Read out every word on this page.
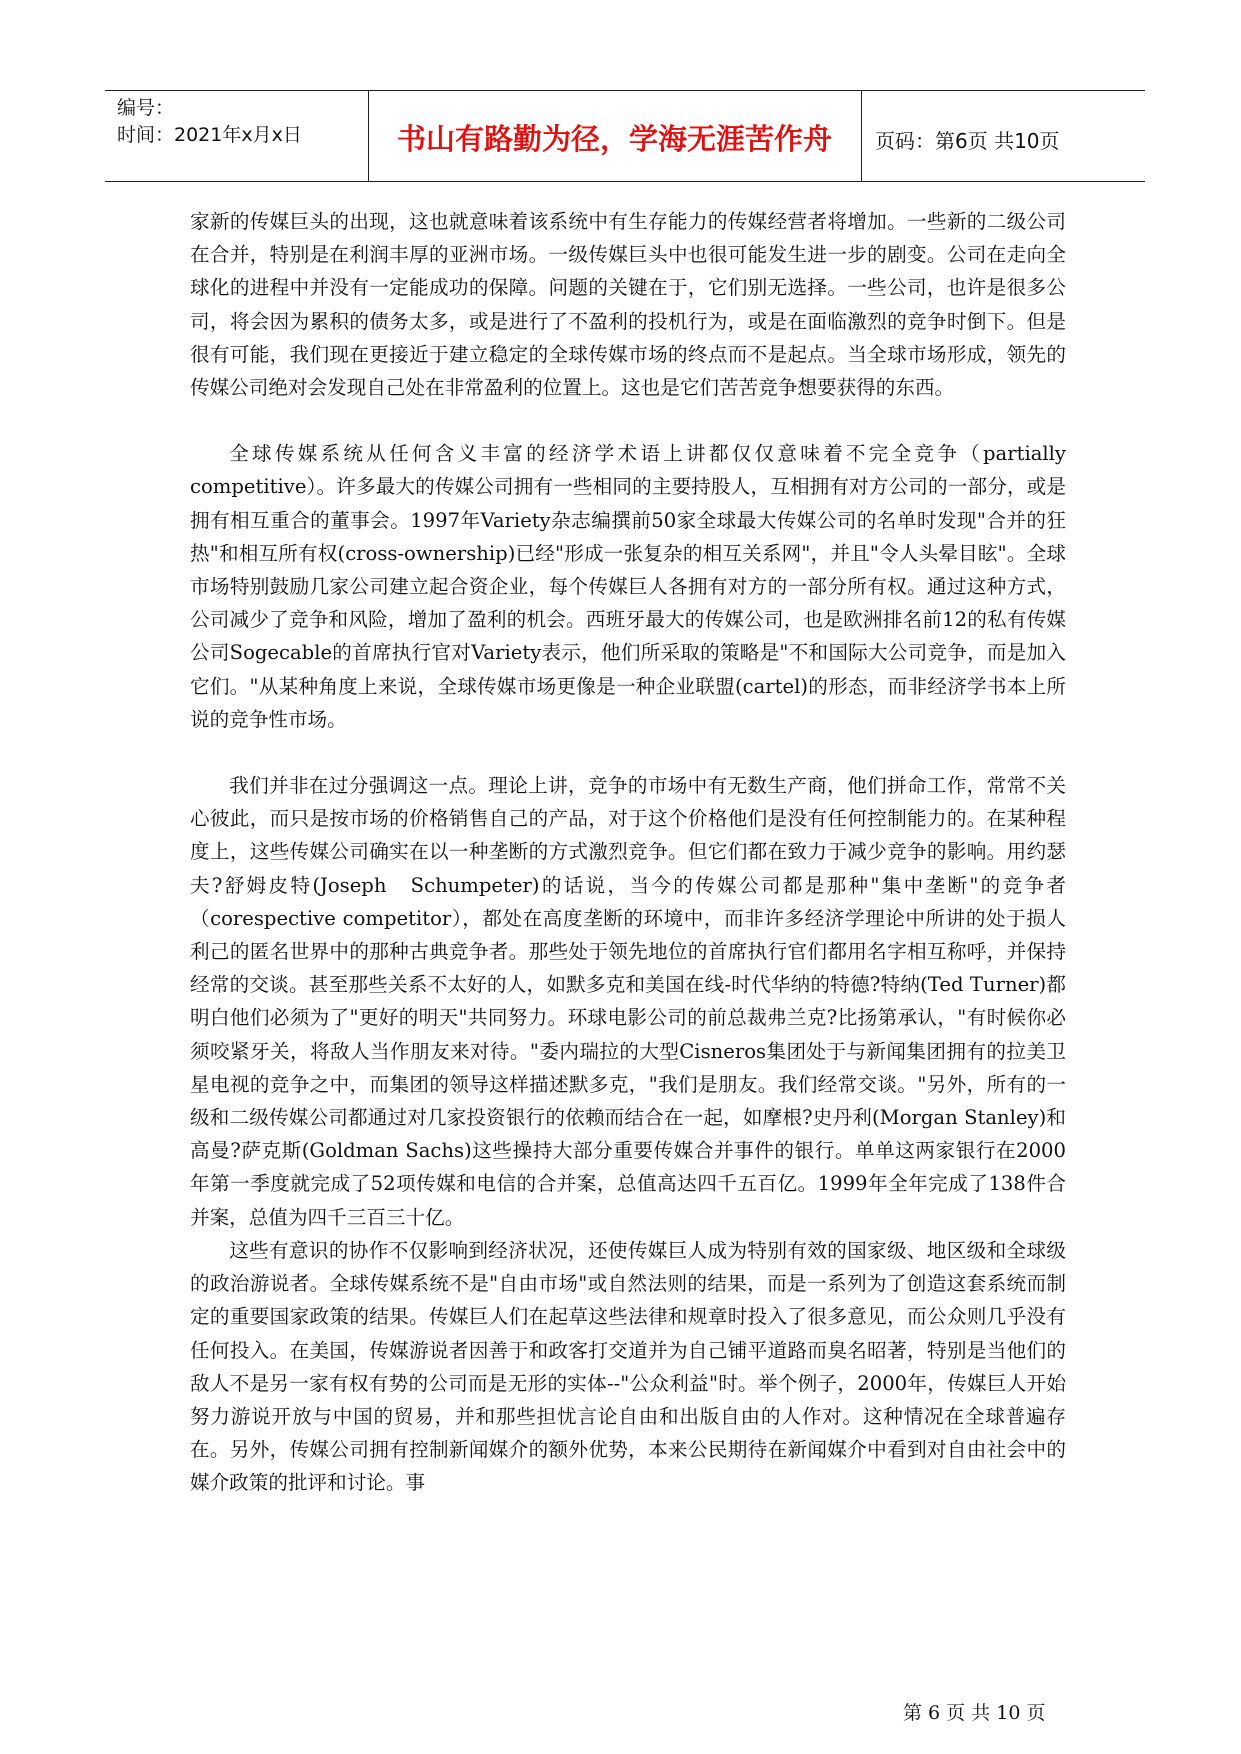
编号：
时间：2021年x月x日	书山有路勤为径，学海无涯苦作舟	页码：第6页 共10页

家新的传媒巨头的出现，这也就意味着该系统中有生存能力的传媒经营者将增加。一些新的二级公司在合并，特别是在利润丰厚的亚洲市场。一级传媒巨头中也很可能发生进一步的剧变。公司在走向全球化的进程中并没有一定能成功的保障。问题的关键在于，它们别无选择。一些公司，也许是很多公司，将会因为累积的债务太多，或是进行了不盈利的投机行为，或是在面临激烈的竞争时倒下。但是很有可能，我们现在更接近于建立稳定的全球传媒市场的终点而不是起点。当全球市场形成，领先的传媒公司绝对会发现自己处在非常盈利的位置上。这也是它们苦苦竞争想要获得的东西。

全球传媒系统从任何含义丰富的经济学术语上讲都仅仅意味着不完全竞争（partially competitive）。许多最大的传媒公司拥有一些相同的主要持股人，互相拥有对方公司的一部分，或是拥有相互重合的董事会。1997年Variety杂志编撰前50家全球最大传媒公司的名单时发现"合并的狂热"和相互所有权(cross-ownership)已经"形成一张复杂的相互关系网"，并且"令人头晕目眩"。全球市场特别鼓励几家公司建立起合资企业，每个传媒巨人各拥有对方的一部分所有权。通过这种方式，公司减少了竞争和风险，增加了盈利的机会。西班牙最大的传媒公司，也是欧洲排名前12的私有传媒公司Sogecable的首席执行官对Variety表示，他们所采取的策略是"不和国际大公司竞争，而是加入它们。"从某种角度上来说，全球传媒市场更像是一种企业联盟(cartel)的形态，而非经济学书本上所说的竞争性市场。

我们并非在过分强调这一点。理论上讲，竞争的市场中有无数生产商，他们拼命工作，常常不关心彼此，而只是按市场的价格销售自己的产品，对于这个价格他们是没有任何控制能力的。在某种程度上，这些传媒公司确实在以一种垄断的方式激烈竞争。但它们都在致力于减少竞争的影响。用约瑟夫?舒姆皮特(Joseph　Schumpeter)的话说，当今的传媒公司都是那种"集中垄断"的竞争者（corespective competitor），都处在高度垄断的环境中，而非许多经济学理论中所讲的处于损人利己的匿名世界中的那种古典竞争者。那些处于领先地位的首席执行官们都用名字相互称呼，并保持经常的交谈。甚至那些关系不太好的人，如默多克和美国在线-时代华纳的特德?特纳(Ted Turner)都明白他们必须为了"更好的明天"共同努力。环球电影公司的前总裁弗兰克?比扬第承认，"有时候你必须咬紧牙关，将敌人当作朋友来对待。"委内瑞拉的大型Cisneros集团处于与新闻集团拥有的拉美卫星电视的竞争之中，而集团的领导这样描述默多克，"我们是朋友。我们经常交谈。"另外，所有的一级和二级传媒公司都通过对几家投资银行的依赖而结合在一起，如摩根?史丹利(Morgan Stanley)和高曼?萨克斯(Goldman Sachs)这些操持大部分重要传媒合并事件的银行。单单这两家银行在2000年第一季度就完成了52项传媒和电信的合并案，总值高达四千五百亿。1999年全年完成了138件合并案，总值为四千三百三十亿。

这些有意识的协作不仅影响到经济状况，还使传媒巨人成为特别有效的国家级、地区级和全球级的政治游说者。全球传媒系统不是"自由市场"或自然法则的结果，而是一系列为了创造这套系统而制定的重要国家政策的结果。传媒巨人们在起草这些法律和规章时投入了很多意见，而公众则几乎没有任何投入。在美国，传媒游说者因善于和政客打交道并为自己铺平道路而臭名昭著，特别是当他们的敌人不是另一家有权有势的公司而是无形的实体--"公众利益"时。举个例子，2000年，传媒巨人开始努力游说开放与中国的贸易，并和那些担忧言论自由和出版自由的人作对。这种情况在全球普遍存在。另外，传媒公司拥有控制新闻媒介的额外优势，本来公民期待在新闻媒介中看到对自由社会中的媒介政策的批评和讨论。事

第 6 页 共 10 页
